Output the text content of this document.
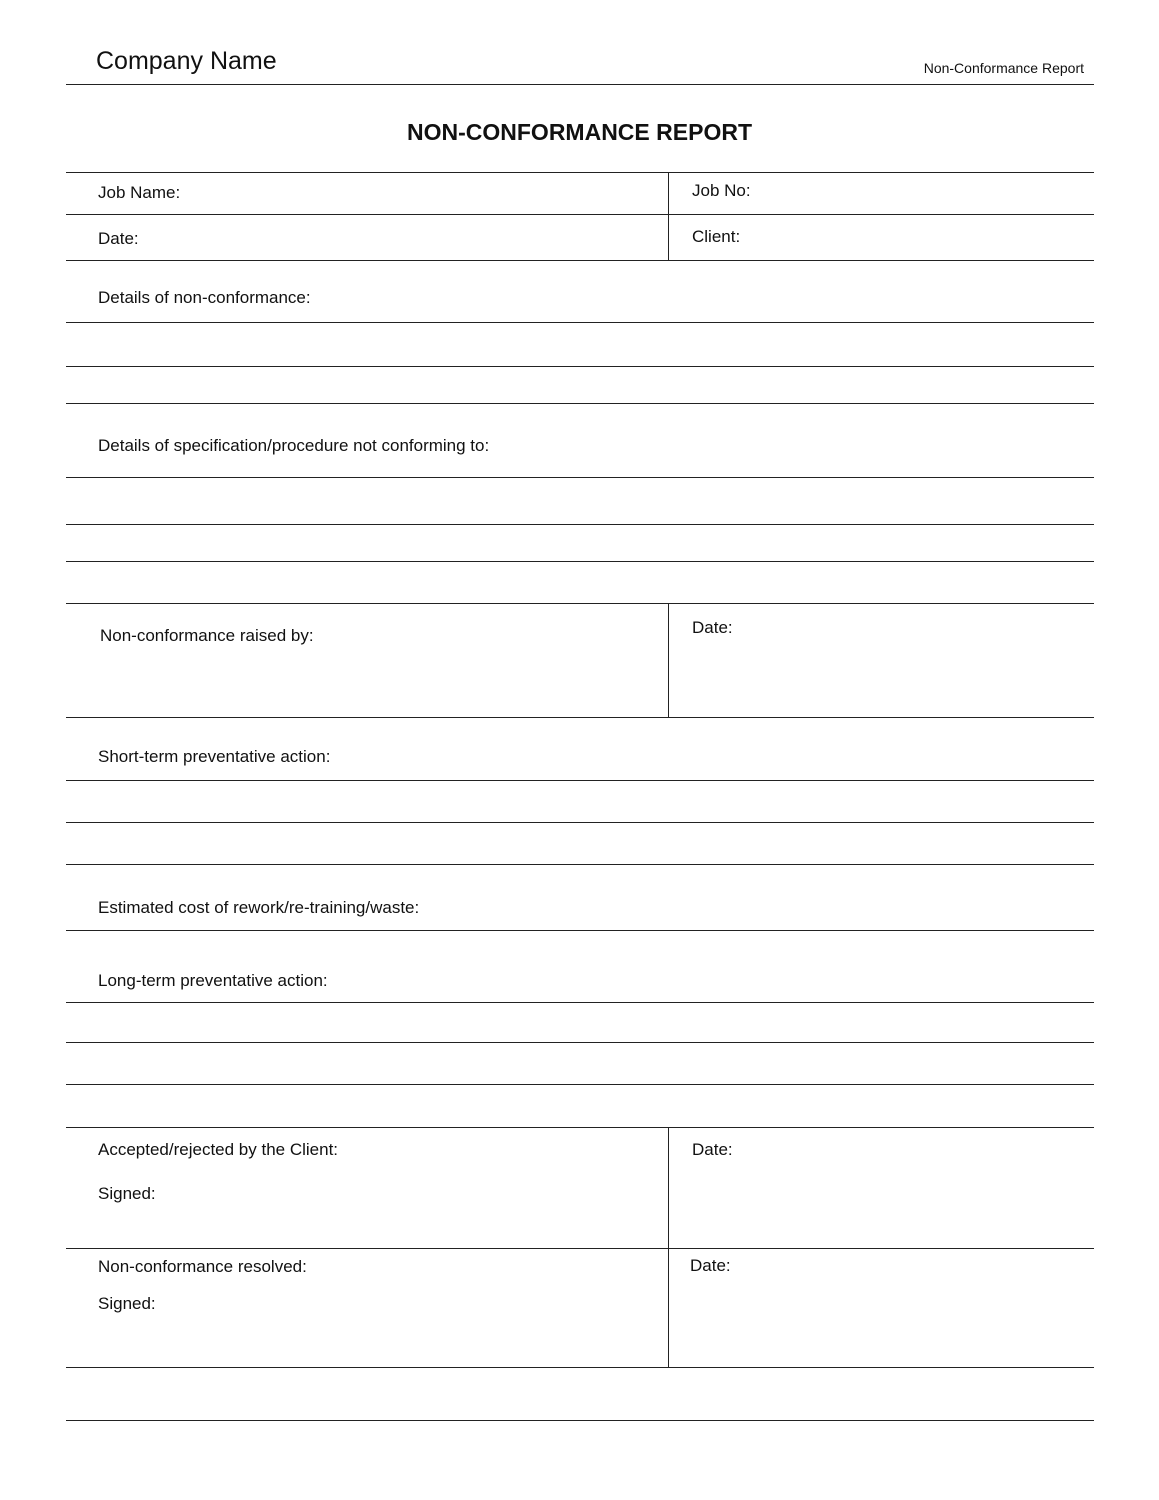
Company Name	Non-Conformance Report
NON-CONFORMANCE REPORT
Job Name:	Job No:
Date:	Client:
Details of non-conformance:
Details of specification/procedure not conforming to:
Non-conformance raised by:	Date:
Short-term preventative action:
Estimated cost of rework/re-training/waste:
Long-term preventative action:
Accepted/rejected by the Client:
Signed:
Date:
Non-conformance resolved:
Signed:
Date:
